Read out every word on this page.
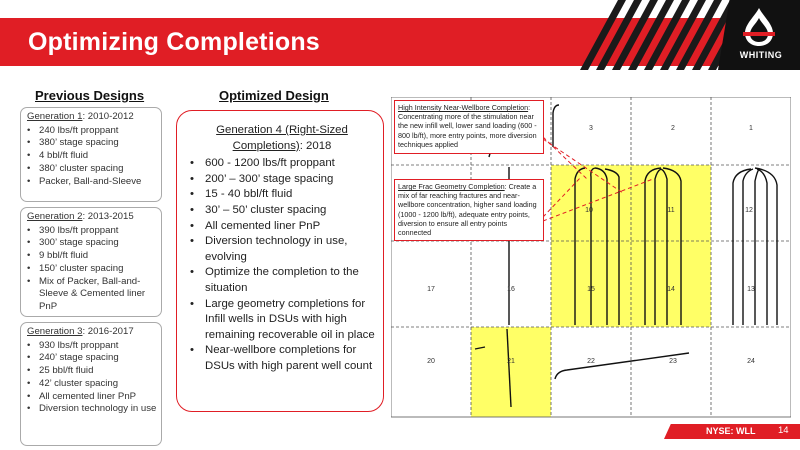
Optimizing Completions	WHITING
Previous Designs	Optimized Design
Generation 1: 2010-2012
• 240 lbs/ft proppant
• 380’ stage spacing
• 4 bbl/ft fluid
• 380’ cluster spacing
• Packer, Ball-and-Sleeve
Generation 2: 2013-2015
• 390 lbs/ft proppant
• 300’ stage spacing
• 9 bbl/ft fluid
• 150’ cluster spacing
• Mix of Packer, Ball-and-Sleeve & Cemented liner PnP
Generation 3: 2016-2017
• 930 lbs/ft proppant
• 240’ stage spacing
• 25 bbl/ft fluid
• 42’ cluster spacing
• All cemented liner PnP
• Diversion technology in use
Generation 4 (Right-Sized Completions): 2018
• 600 - 1200 lbs/ft proppant
• 200’ – 300’ stage spacing
• 15 - 40 bbl/ft fluid
• 30’ – 50’ cluster spacing
• All cemented liner PnP
• Diversion technology in use, evolving
• Optimize the completion to the situation
• Large geometry completions for Infill wells in DSUs with high remaining recoverable oil in place
• Near-wellbore completions for DSUs with high parent well count
2
3	1
10	11	12
17	16	15	14	13
20	21	22	23	24
High Intensity Near-Wellbore Completion: Concentrating more of the stimulation near the new infill well, lower sand loading (600 - 800 lb/ft), more entry points, more diversion techniques applied
Large Frac Geometry Completion: Create a mix of far reaching fractures and near-wellbore concentration, higher sand loading (1000 - 1200 lb/ft), adequate entry points, diversion to ensure all entry points connected
NYSE: WLL 14
